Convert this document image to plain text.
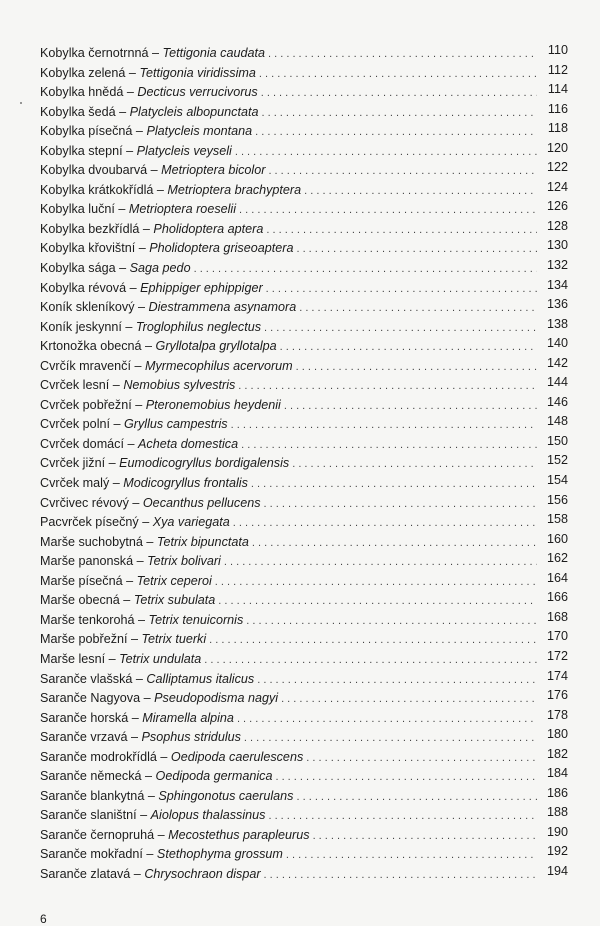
Kobylka černotrnná – Tettigonia caudata . . .	110
Kobylka zelená – Tettigonia viridissima . . .	112
Kobylka hnědá – Decticus verrucivorus . . .	114
Kobylka šedá – Platycleis albopunctata . . .	116
Kobylka písečná – Platycleis montana . . .	118
Kobylka stepní – Platycleis veyseli . . .	120
Kobylka dvoubarvá – Metrioptera bicolor . . .	122
Kobylka krátkokřídlá – Metrioptera brachyptera . . .	124
Kobylka luční – Metrioptera roeselii . . .	126
Kobylka bezkřídlá – Pholidoptera aptera . . .	128
Kobylka křovištní – Pholidoptera griseoaptera . . .	130
Kobylka sága – Saga pedo . . .	132
Kobylka révová – Ephippiger ephippiger . . .	134
Koník skleníkový – Diestrammena asynamora . . .	136
Koník jeskynní – Troglophilus neglectus . . .	138
Krtonožka obecná – Gryllotalpa gryllotalpa . . .	140
Cvrčík mravenčí – Myrmecophilus acervorum . . .	142
Cvrček lesní – Nemobius sylvestris . . .	144
Cvrček pobřežní – Pteronemobius heydenii . . .	146
Cvrček polní – Gryllus campestris . . .	148
Cvrček domácí – Acheta domestica . . .	150
Cvrček jižní – Eumodicogryllus bordigalensis . . .	152
Cvrček malý – Modicogryllus frontalis . . .	154
Cvrčivec révový – Oecanthus pellucens . . .	156
Pacvrček písečný – Xya variegata . . .	158
Marše suchobytná – Tetrix bipunctata . . .	160
Marše panonská – Tetrix bolivari . . .	162
Marše písečná – Tetrix ceperoi . . .	164
Marše obecná – Tetrix subulata . . .	166
Marše tenkorohá – Tetrix tenuicornis . . .	168
Marše pobřežní – Tetrix tuerki . . .	170
Marše lesní – Tetrix undulata . . .	172
Saranče vlašská – Calliptamus italicus . . .	174
Saranče Nagyova – Pseudopodisma nagyi . . .	176
Saranče horská – Miramella alpina . . .	178
Saranče vrzavá – Psophus stridulus . . .	180
Saranče modrokřídlá – Oedipoda caerulescens . . .	182
Saranče německá – Oedipoda germanica . . .	184
Saranče blankytná – Sphingonotus caerulans . . .	186
Saranče slaništní – Aiolopus thalassinus . . .	188
Saranče černopruhá – Mecostethus parapleurus . . .	190
Saranče mokřadní – Stethophyma grossum . . .	192
Saranče zlatavá – Chrysochraon dispar . . .	194
6
